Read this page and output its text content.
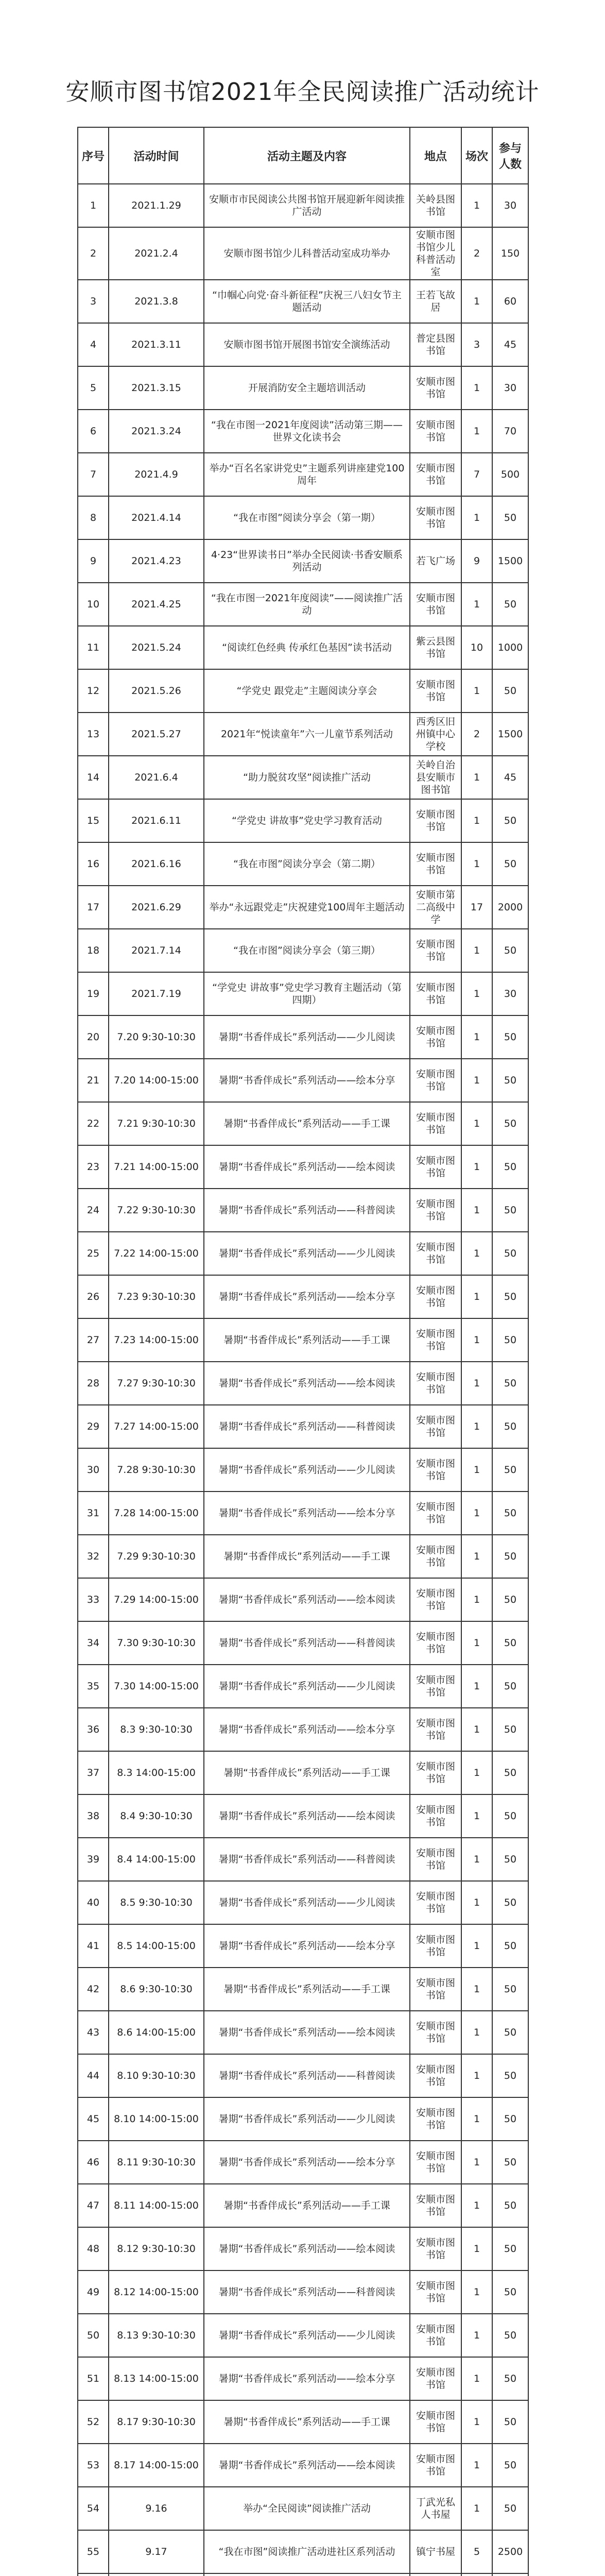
安顺市图书馆2021年全民阅读推广活动统计
序号	活动时间	活动主题及内容	地点	场次	参与人数
1	2021.1.29	安顺市市民阅读公共图书馆开展迎新年阅读推广活动	关岭县图书馆	1	30
2	2021.2.4	安顺市图书馆少儿科普活动室成功举办	安顺市图书馆少儿科普活动室	2	150
3	2021.3.8	“巾帼心向党·奋斗新征程”庆祝三八妇女节主题活动	王若飞故居	1	60
4	2021.3.11	安顺市图书馆开展图书馆安全演练活动	普定县图书馆	3	45
5	2021.3.15	开展消防安全主题培训活动	安顺市图书馆	1	30
6	2021.3.24	“我在市图一2021年度阅读”活动第三期——世界文化读书会	安顺市图书馆	1	70
7	2021.4.9	举办“百名名家讲党史”主题系列讲座建党100周年	安顺市图书馆	7	500
8	2021.4.14	“我在市图”阅读分享会（第一期）	安顺市图书馆	1	50
9	2021.4.23	4·23“世界读书日”举办全民阅读·书香安顺系列活动	若飞广场	9	1500
10	2021.4.25	“我在市图一2021年度阅读”——阅读推广活动	安顺市图书馆	1	50
11	2021.5.24	“阅读红色经典 传承红色基因”读书活动	紫云县图书馆	10	1000
12	2021.5.26	“学党史 跟党走”主题阅读分享会	安顺市图书馆	1	50
13	2021.5.27	2021年“悦读童年”六一儿童节系列活动	西秀区旧州镇中心学校	2	1500
14	2021.6.4	“助力脱贫攻坚”阅读推广活动	关岭自治县安顺市图书馆	1	45
15	2021.6.11	“学党史 讲故事”党史学习教育活动	安顺市图书馆	1	50
16	2021.6.16	“我在市图”阅读分享会（第二期）	安顺市图书馆	1	50
17	2021.6.29	举办“永远跟党走”庆祝建党100周年主题活动	安顺市第二高级中学	17	2000
18	2021.7.14	“我在市图”阅读分享会（第三期）	安顺市图书馆	1	50
19	2021.7.19	“学党史 讲故事”党史学习教育主题活动（第四期）	安顺市图书馆	1	30
20	7.20 9:30-10:30	暑期“书香伴成长”系列活动——少儿阅读	安顺市图书馆	1	50
21	7.20 14:00-15:00	暑期“书香伴成长”系列活动——绘本分享	安顺市图书馆	1	50
22	7.21 9:30-10:30	暑期“书香伴成长”系列活动——手工课	安顺市图书馆	1	50
23	7.21 14:00-15:00	暑期“书香伴成长”系列活动——绘本阅读	安顺市图书馆	1	50
24	7.22 9:30-10:30	暑期“书香伴成长”系列活动——科普阅读	安顺市图书馆	1	50
25	7.22 14:00-15:00	暑期“书香伴成长”系列活动——少儿阅读	安顺市图书馆	1	50
26	7.23 9:30-10:30	暑期“书香伴成长”系列活动——绘本分享	安顺市图书馆	1	50
27	7.23 14:00-15:00	暑期“书香伴成长”系列活动——手工课	安顺市图书馆	1	50
28	7.27 9:30-10:30	暑期“书香伴成长”系列活动——绘本阅读	安顺市图书馆	1	50
29	7.27 14:00-15:00	暑期“书香伴成长”系列活动——科普阅读	安顺市图书馆	1	50
30	7.28 9:30-10:30	暑期“书香伴成长”系列活动——少儿阅读	安顺市图书馆	1	50
31	7.28 14:00-15:00	暑期“书香伴成长”系列活动——绘本分享	安顺市图书馆	1	50
32	7.29 9:30-10:30	暑期“书香伴成长”系列活动——手工课	安顺市图书馆	1	50
33	7.29 14:00-15:00	暑期“书香伴成长”系列活动——绘本阅读	安顺市图书馆	1	50
34	7.30 9:30-10:30	暑期“书香伴成长”系列活动——科普阅读	安顺市图书馆	1	50
35	7.30 14:00-15:00	暑期“书香伴成长”系列活动——少儿阅读	安顺市图书馆	1	50
36	8.3 9:30-10:30	暑期“书香伴成长”系列活动——绘本分享	安顺市图书馆	1	50
37	8.3 14:00-15:00	暑期“书香伴成长”系列活动——手工课	安顺市图书馆	1	50
38	8.4 9:30-10:30	暑期“书香伴成长”系列活动——绘本阅读	安顺市图书馆	1	50
39	8.4 14:00-15:00	暑期“书香伴成长”系列活动——科普阅读	安顺市图书馆	1	50
40	8.5 9:30-10:30	暑期“书香伴成长”系列活动——少儿阅读	安顺市图书馆	1	50
41	8.5 14:00-15:00	暑期“书香伴成长”系列活动——绘本分享	安顺市图书馆	1	50
42	8.6 9:30-10:30	暑期“书香伴成长”系列活动——手工课	安顺市图书馆	1	50
43	8.6 14:00-15:00	暑期“书香伴成长”系列活动——绘本阅读	安顺市图书馆	1	50
44	8.10 9:30-10:30	暑期“书香伴成长”系列活动——科普阅读	安顺市图书馆	1	50
45	8.10 14:00-15:00	暑期“书香伴成长”系列活动——少儿阅读	安顺市图书馆	1	50
46	8.11 9:30-10:30	暑期“书香伴成长”系列活动——绘本分享	安顺市图书馆	1	50
47	8.11 14:00-15:00	暑期“书香伴成长”系列活动——手工课	安顺市图书馆	1	50
48	8.12 9:30-10:30	暑期“书香伴成长”系列活动——绘本阅读	安顺市图书馆	1	50
49	8.12 14:00-15:00	暑期“书香伴成长”系列活动——科普阅读	安顺市图书馆	1	50
50	8.13 9:30-10:30	暑期“书香伴成长”系列活动——少儿阅读	安顺市图书馆	1	50
51	8.13 14:00-15:00	暑期“书香伴成长”系列活动——绘本分享	安顺市图书馆	1	50
52	8.17 9:30-10:30	暑期“书香伴成长”系列活动——手工课	安顺市图书馆	1	50
53	8.17 14:00-15:00	暑期“书香伴成长”系列活动——绘本阅读	安顺市图书馆	1	50
54	9.16	举办“全民阅读”阅读推广活动	丁武光私人书屋	1	50
55	9.17	“我在市图”阅读推广活动进社区系列活动	镇宁书屋	5	2500
